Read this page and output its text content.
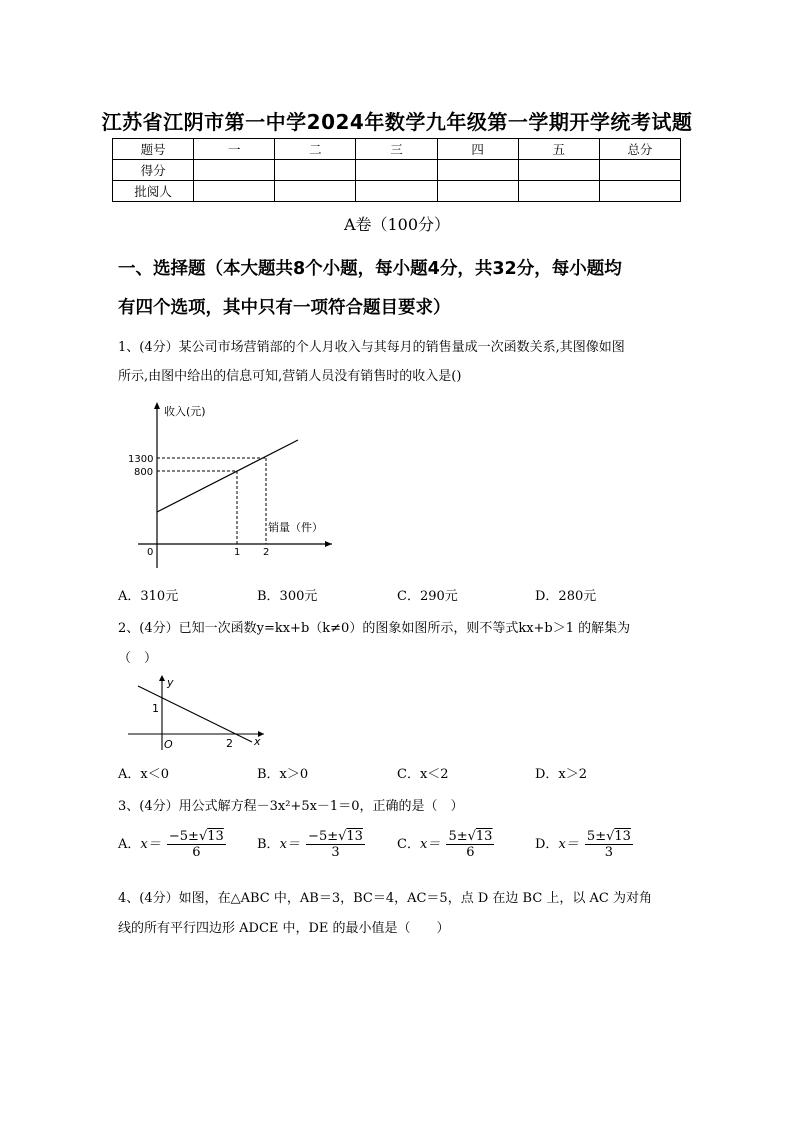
江苏省江阴市第一中学2024年数学九年级第一学期开学统考试题
题号	一	二	三	四	五	总分
得分						
批阅人						
A卷（100分）
一、选择题（本大题共8个小题，每小题4分，共32分，每小题均
有四个选项，其中只有一项符合题目要求）
1、(4分）某公司市场营销部的个人月收入与其每月的销售量成一次函数关系,其图像如图
所示,由图中给出的信息可知,营销人员没有销售时的收入是()
收入(元)
销量（件）
1300
800
0	1 2
A．310元	B．300元	C．290元	D．280元
2、(4分）已知一次函数y=kx+b（k≠0）的图象如图所示，则不等式kx+b＞1 的解集为
（　）
y
x
1
O	2
A．x＜0	B．x＞0	C．x＜2	D．x＞2
3、(4分）用公式解方程－3x²+5x－1＝0，正确的是（　）
A．$x= \frac{-5\pm√13}{6}$ B．$x= \frac{-5\pm√13}{3}$ C．$x= \frac{5\pm√13}{6}$	D．$x= \frac{5\pm√13}{3}$
4、(4分）如图，在△ABC 中，AB＝3，BC＝4，AC＝5，点 D 在边 BC 上，以 AC 为对角
线的所有平行四边形 ADCE 中，DE 的最小值是（　　）
